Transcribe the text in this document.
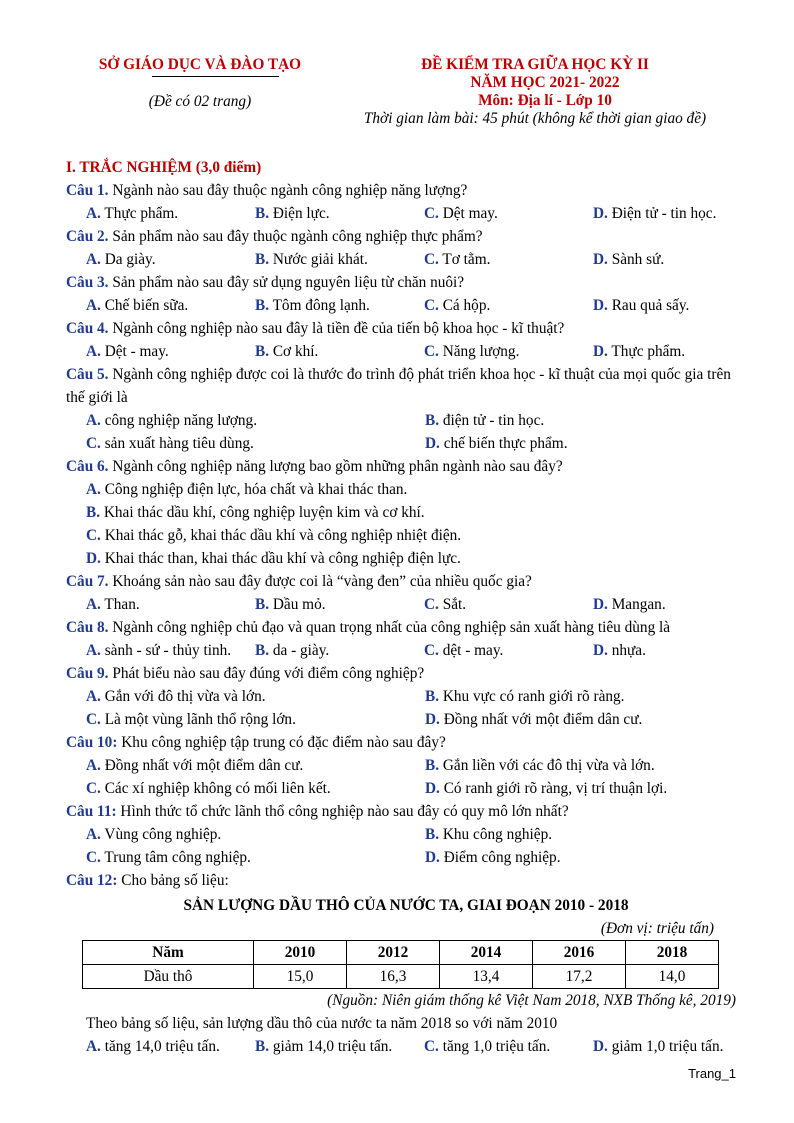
SỞ GIÁO DỤC VÀ ĐÀO TẠO
(Đề có 02 trang)
ĐỀ KIỂM TRA GIỮA HỌC KỲ II
NĂM HỌC 2021- 2022
Môn: Địa lí - Lớp 10
Thời gian làm bài: 45 phút (không kể thời gian giao đề)
I. TRẮC NGHIỆM (3,0 điểm)
Câu 1. Ngành nào sau đây thuộc ngành công nghiệp năng lượng?
A. Thực phẩm.	B. Điện lực.	C. Dệt may.	D. Điện tử - tin học.
Câu 2. Sản phẩm nào sau đây thuộc ngành công nghiệp thực phẩm?
A. Da giày.	B. Nước giải khát.	C. Tơ tằm.	D. Sành sứ.
Câu 3. Sản phẩm nào sau đây sử dụng nguyên liệu từ chăn nuôi?
A. Chế biến sữa.	B. Tôm đông lạnh.	C. Cá hộp.	D. Rau quả sấy.
Câu 4. Ngành công nghiệp nào sau đây là tiền đề của tiến bộ khoa học - kĩ thuật?
A. Dệt - may.	B. Cơ khí.	C. Năng lượng.	D. Thực phẩm.
Câu 5. Ngành công nghiệp được coi là thước đo trình độ phát triển khoa học - kĩ thuật của mọi quốc gia trên thế giới là
A. công nghiệp năng lượng.	B. điện tử - tin học.
C. sản xuất hàng tiêu dùng.	D. chế biến thực phẩm.
Câu 6. Ngành công nghiệp năng lượng bao gồm những phân ngành nào sau đây?
A. Công nghiệp điện lực, hóa chất và khai thác than.
B. Khai thác dầu khí, công nghiệp luyện kim và cơ khí.
C. Khai thác gỗ, khai thác dầu khí và công nghiệp nhiệt điện.
D. Khai thác than, khai thác dầu khí và công nghiệp điện lực.
Câu 7. Khoáng sản nào sau đây được coi là “vàng đen” của nhiều quốc gia?
A. Than.	B. Dầu mỏ.	C. Sắt.	D. Mangan.
Câu 8. Ngành công nghiệp chủ đạo và quan trọng nhất của công nghiệp sản xuất hàng tiêu dùng là
A. sành - sứ - thủy tinh.	B. da - giày.	C. dệt - may.	D. nhựa.
Câu 9. Phát biểu nào sau đây đúng với điểm công nghiệp?
A. Gắn với đô thị vừa và lớn.	B. Khu vực có ranh giới rõ ràng.
C. Là một vùng lãnh thổ rộng lớn.	D. Đồng nhất với một điểm dân cư.
Câu 10: Khu công nghiệp tập trung có đặc điểm nào sau đây?
A. Đồng nhất với một điểm dân cư.	B. Gắn liền với các đô thị vừa và lớn.
C. Các xí nghiệp không có mối liên kết.	D. Có ranh giới rõ ràng, vị trí thuận lợi.
Câu 11: Hình thức tổ chức lãnh thổ công nghiệp nào sau đây có quy mô lớn nhất?
A. Vùng công nghiệp.	B. Khu công nghiệp.
C. Trung tâm công nghiệp.	D. Điểm công nghiệp.
Câu 12: Cho bảng số liệu:
SẢN LƯỢNG DẦU THÔ CỦA NƯỚC TA, GIAI ĐOẠN 2010 - 2018
(Đơn vị: triệu tấn)
Năm	2010	2012	2014	2016	2018
Dầu thô	15,0	16,3	13,4	17,2	14,0
(Nguồn: Niên giám thống kê Việt Nam 2018, NXB Thống kê, 2019)
Theo bảng số liệu, sản lượng dầu thô của nước ta năm 2018 so với năm 2010
A. tăng 14,0 triệu tấn.	B. giảm 14,0 triệu tấn.	C. tăng 1,0 triệu tấn.	D. giảm 1,0 triệu tấn.
Trang_1
